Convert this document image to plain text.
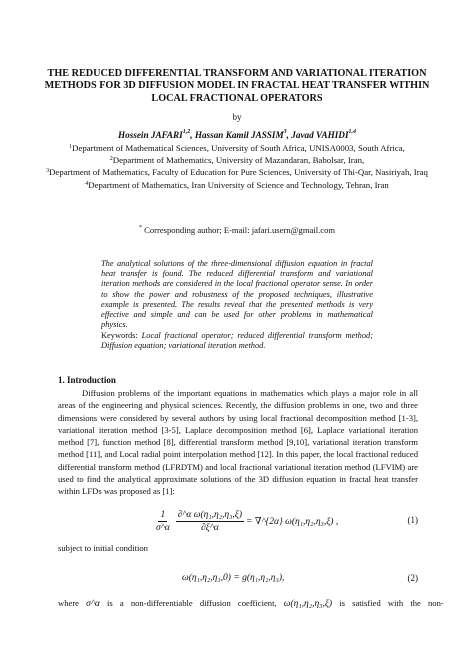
THE REDUCED DIFFERENTIAL TRANSFORM AND VARIATIONAL ITERATION METHODS FOR 3D DIFFUSION MODEL IN FRACTAL HEAT TRANSFER WITHIN LOCAL FRACTIONAL OPERATORS
by
Hossein JAFARI$^{1,2}$, Hassan Kamil JASSIM$^3$, Javad VAHIDI$^{1,4}$
$^1$Department of Mathematical Sciences, University of South Africa, UNISA0003, South Africa,
$^2$Department of Mathematics, University of Mazandaran, Babolsar, Iran,
$^3$Department of Mathematics, Faculty of Education for Pure Sciences, University of Thi-Qar, Nasiriyah, Iraq
$^4$Department of Mathematics, Iran University of Science and Technology, Tehran, Iran
* Corresponding author; E-mail: jafari.usern@gmail.com
The analytical solutions of the three-dimensional diffusion equation in fractal heat transfer is found. The reduced differential transform and variational iteration methods are considered in the local fractional operator sense. In order to show the power and robustness of the proposed techniques, illustrative example is presented. The results reveal that the presented methods is very effective and simple and can be used for other problems in mathematical physics.
Keywords: Local fractional operator; reduced differential transform method; Diffusion equation; variational iteration method.
1. Introduction
Diffusion problems of the important equations in mathematics which plays a major role in all areas of the engineering and physical sciences. Recently, the diffusion problems in one, two and three dimensions were considered by several authors by using local fractional decomposition method [1-3], variational iteration method [3-5], Laplace decomposition method [6], Laplace variational iteration method [7], function method [8], differential transform method [9,10], variational iteration transform method [11], and Local radial point interpolation method [12]. In this paper, the local fractional reduced differential transform method (LFRDTM) and local fractional variational iteration method (LFVIM) are used to find the analytical approximate solutions of the 3D diffusion equation in fractal heat transfer within LFDs was proposed as [1]:
$\frac{1}{\sigma\^{}\alpha} \frac{\text{∂\textasciicircum{}α ω(η₁,η₂,η₃,ξ)}}{\partial\xi\^{}\alpha}$ = ∇^{2α} ω(η₁,η₂,η₃,ξ) ,	(1)
subject to initial condition
ω(η₁,η₂,η₃,0) = g(η₁,η₂,η₃),	(2)
where σ^α is a non-differentiable diffusion coefficient, ω(η₁,η₂,η₃,ξ) is satisfied with the non-
